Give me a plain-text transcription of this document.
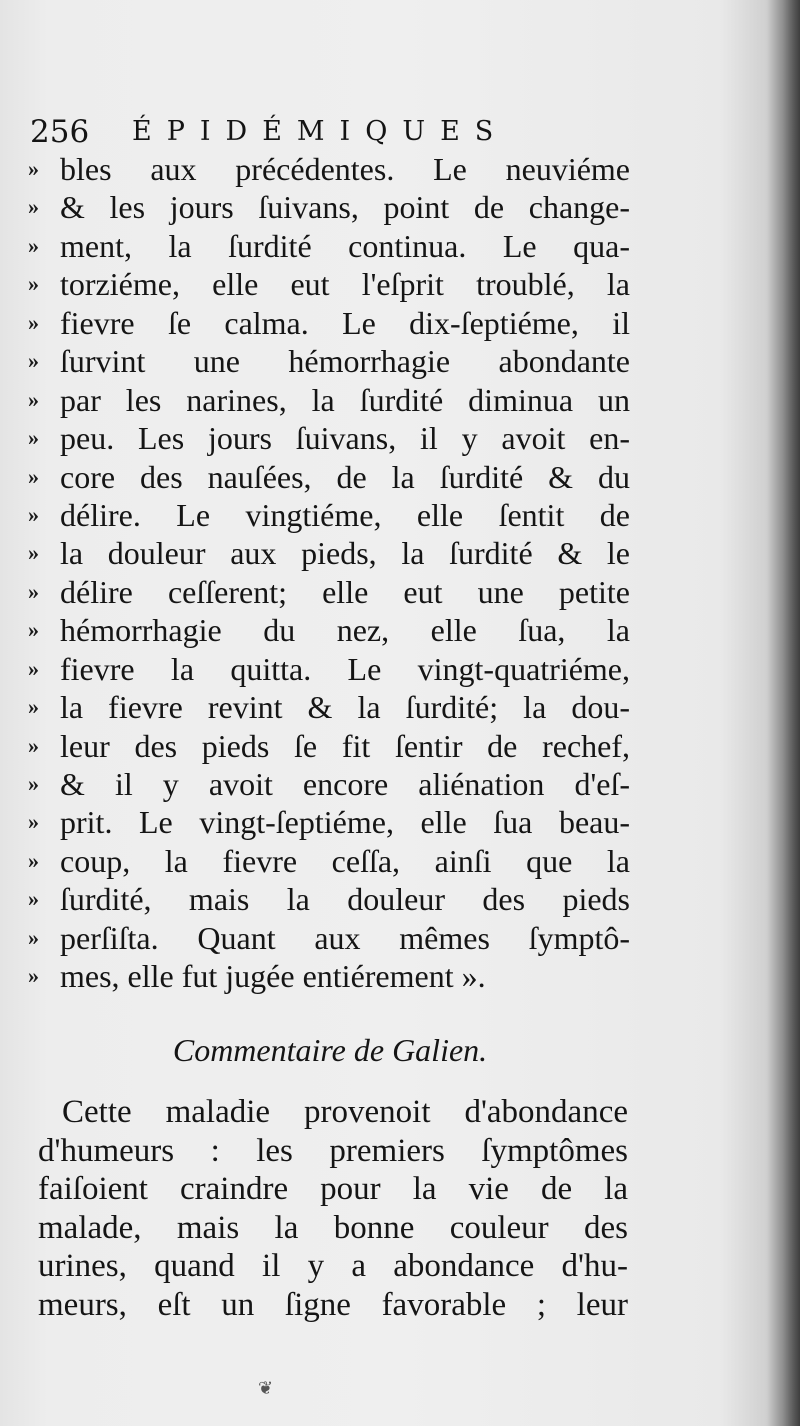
256 ÉPIDÉMIQUES
» bles aux précédentes. Le neuviéme
» & les jours ſuivans, point de change-
» ment, la ſurdité continua. Le qua-
» torziéme, elle eut l'eſprit troublé, la
» fievre ſe calma. Le dix-ſeptiéme, il
» ſurvint une hémorrhagie abondante
» par les narines, la ſurdité diminua un
» peu. Les jours ſuivans, il y avoit en-
» core des nauſées, de la ſurdité & du
» délire. Le vingtiéme, elle ſentit de
» la douleur aux pieds, la ſurdité & le
» délire ceſſerent; elle eut une petite
» hémorrhagie du nez, elle ſua, la
» fievre la quitta. Le vingt-quatriéme,
» la fievre revint & la ſurdité; la dou-
» leur des pieds ſe fit ſentir de rechef,
» & il y avoit encore aliénation d'eſ-
» prit. Le vingt-ſeptiéme, elle ſua beau-
» coup, la fievre ceſſa, ainſi que la
» ſurdité, mais la douleur des pieds
» perſiſta. Quant aux mêmes ſymptô-
» mes, elle fut jugée entiérement ».
Commentaire de Galien.
Cette maladie provenoit d'abondance
d'humeurs : les premiers ſymptômes
faiſoient craindre pour la vie de la
malade, mais la bonne couleur des
urines, quand il y a abondance d'hu-
meurs, eſt un ſigne favorable ; leur
❦
